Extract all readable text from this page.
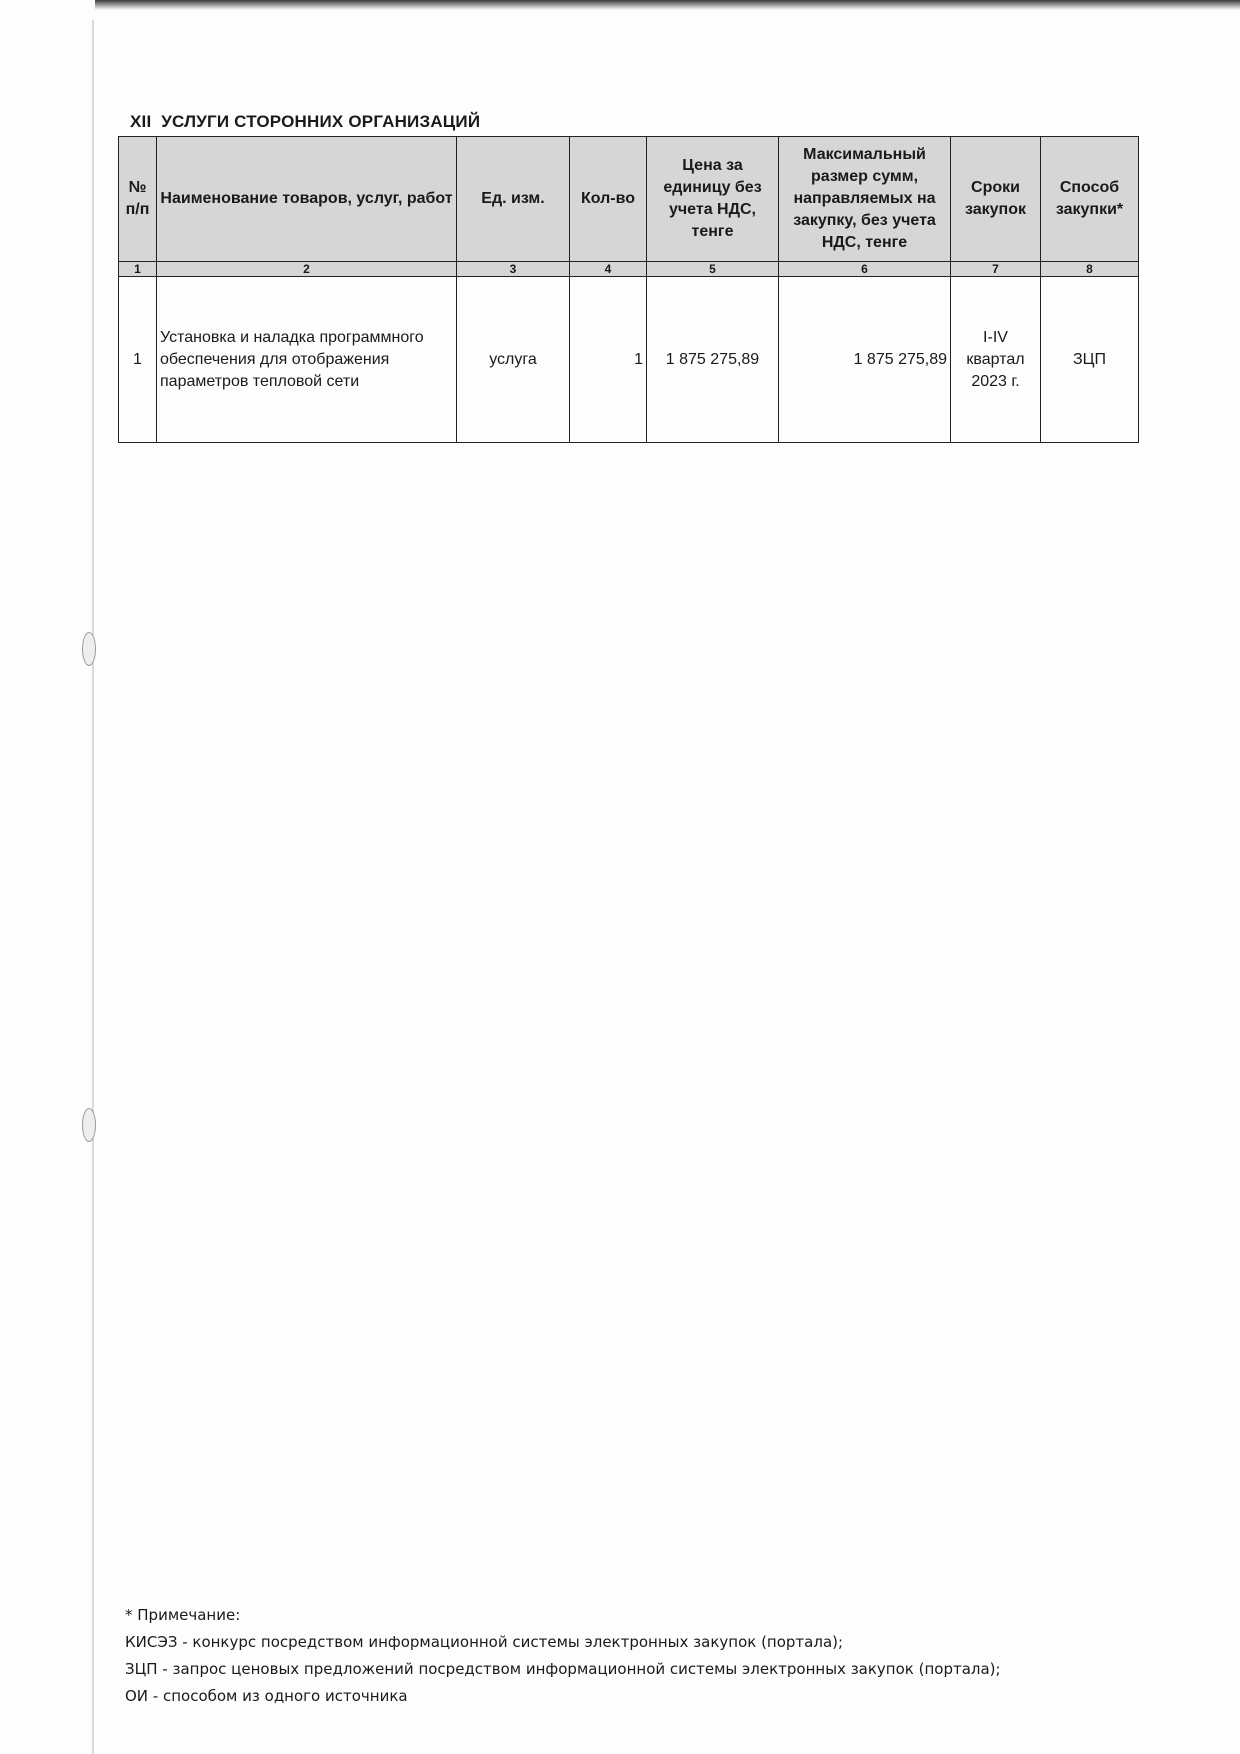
XII УСЛУГИ СТОРОННИХ ОРГАНИЗАЦИЙ
№ п/п	Наименование товаров, услуг, работ	Ед. изм.	Кол-во	Цена за единицу без учета НДС, тенге	Максимальный размер сумм, направляемых на закупку, без учета НДС, тенге	Сроки закупок	Способ закупки*
1	2	3	4	5	6	7	8
1	Установка и наладка программного обеспечения для отображения параметров тепловой сети	услуга	1	1 875 275,89	1 875 275,89	I-IV квартал 2023 г.	ЗЦП
* Примечание:
КИСЭЗ - конкурс посредством информационной системы электронных закупок (портала);
ЗЦП - запрос ценовых предложений посредством информационной системы электронных закупок (портала);
ОИ - способом из одного источника
